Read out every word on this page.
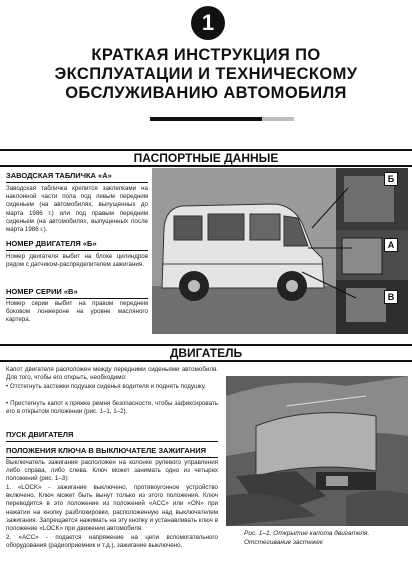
1
КРАТКАЯ ИНСТРУКЦИЯ ПО
ЭКСПЛУАТАЦИИ И ТЕХНИЧЕСКОМУ
ОБСЛУЖИВАНИЮ АВТОМОБИЛЯ
ПАСПОРТНЫЕ ДАННЫЕ
ЗАВОДСКАЯ ТАБЛИЧКА «А»
Заводская табличка крепится заклепками на наклонной части пола под левым передним сиденьем (на автомобилях, выпущенных до марта 1986 г.) или под правым передним сиденьем (на автомобилях, выпущенных после марта 1986 г.).
НОМЕР ДВИГАТЕЛЯ «Б»
Номер двигателя выбит на блоке цилиндров рядом с датчиком-распределителем зажигания.
НОМЕР СЕРИИ «В»
Номер серии выбит на правом переднем боковом лонжероне на уровне масляного картера.
Б
А
В
ДВИГАТЕЛЬ
Капот двигателя расположен между передними сиденьями автомобиля. Для того, чтобы его открыть, необходимо:
• Отстегнуть застежки подушки сиденья водителя и поднять подушку.
• Пристегнуть капот к пряжке ремня безопасности, чтобы зафиксировать его в открытом положении (рис. 1–1, 1–2).
ПУСК ДВИГАТЕЛЯ
ПОЛОЖЕНИЯ КЛЮЧА В ВЫКЛЮЧАТЕЛЕ ЗАЖИГАНИЯ
Выключатель зажигания расположен на колонке рулевого управления либо справа, либо слева. Ключ может занимать одно из четырех положений (рис. 1–3):
1. «LOCK» - зажигание выключено, противоугонное устройство включено. Ключ может быть вынут только из этого положения. Ключ переводится в это положение из положений «ACC» или «ON» при нажатии на кнопку разблокировки, расположенную над выключателем зажигания. Запрещается нажимать на эту кнопку и устанавливать ключ в положение «LOCK» при движении автомобиля.
2. «ACC» - подается напряжение на цепи вспомогательного оборудования (радиоприемник и т.д.), зажигание выключено.
Рис. 1–1. Открытие капота двигателя. Отстегивание застежек
